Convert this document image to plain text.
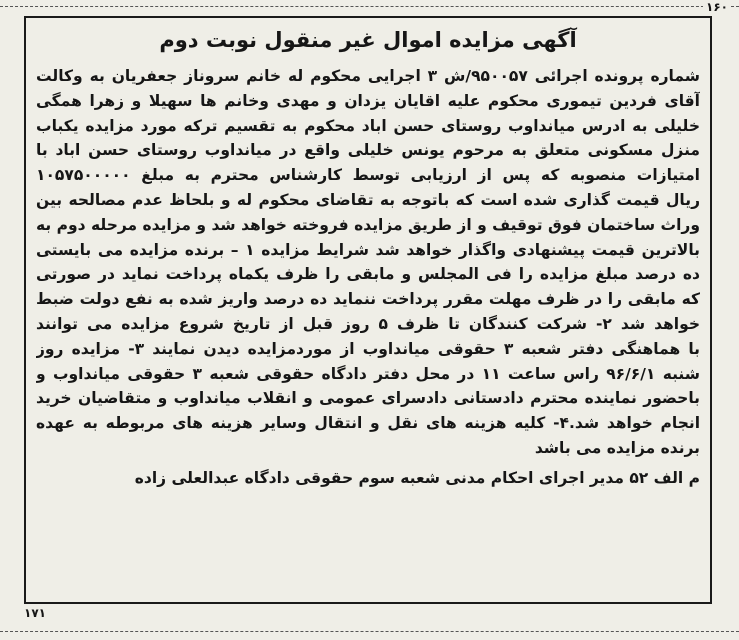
۱۶۰
آگهی مزایده اموال غیر منقول نوبت دوم
شماره پرونده اجرائی ۹۵۰۰۵۷/ش ۳ اجرایی محکوم له خانم سروناز جعفریان به وکالت
آقای فردین تیموری محکوم علیه اقایان یزدان و مهدی وخانم ها سهیلا و زهرا همگی
خلیلی به ادرس میانداوب روستای حسن اباد محکوم به تقسیم ترکه مورد مزایده یکباب
منزل مسکونی متعلق به مرحوم یونس خلیلی واقع در میانداوب روستای حسن اباد با
امتیازات منصوبه که پس از ارزیابی توسط کارشناس محترم به مبلغ ۱۰۵۷۵۰۰۰۰۰
ریال قیمت گذاری شده است که باتوجه به تقاضای محکوم له و بلحاظ عدم مصالحه بین
وراث ساختمان فوق توقیف و از طریق مزایده فروخته خواهد شد و مزایده مرحله دوم به
بالاترین قیمت پیشنهادی واگذار خواهد شد شرایط مزایده ۱ – برنده مزایده می بایستی
ده درصد مبلغ مزایده را فی المجلس و مابقی را ظرف یکماه پرداخت نماید در صورتی
که مابقی را در ظرف مهلت مقرر پرداخت ننماید ده درصد واریز شده به نفع دولت ضبط
خواهد شد ۲- شرکت کنندگان تا ظرف ۵ روز قبل از تاریخ شروع مزایده می توانند
با هماهنگی دفتر شعبه ۳ حقوقی میانداوب از موردمزایده دیدن نمایند ۳- مزایده روز
شنبه ۹۶/۶/۱ راس ساعت ۱۱ در محل دفتر دادگاه حقوقی شعبه ۳ حقوقی میانداوب و
باحضور نماینده محترم دادستانی دادسرای عمومی و انقلاب میانداوب و متقاضیان خرید
انجام خواهد شد.۴- کلیه هزینه های نقل و انتقال وسایر هزینه های مربوطه به عهده
برنده مزایده می باشد
م الف ۵۲ مدیر اجرای احکام مدنی شعبه سوم حقوقی دادگاه عبدالعلی زاده
۱۷۱
